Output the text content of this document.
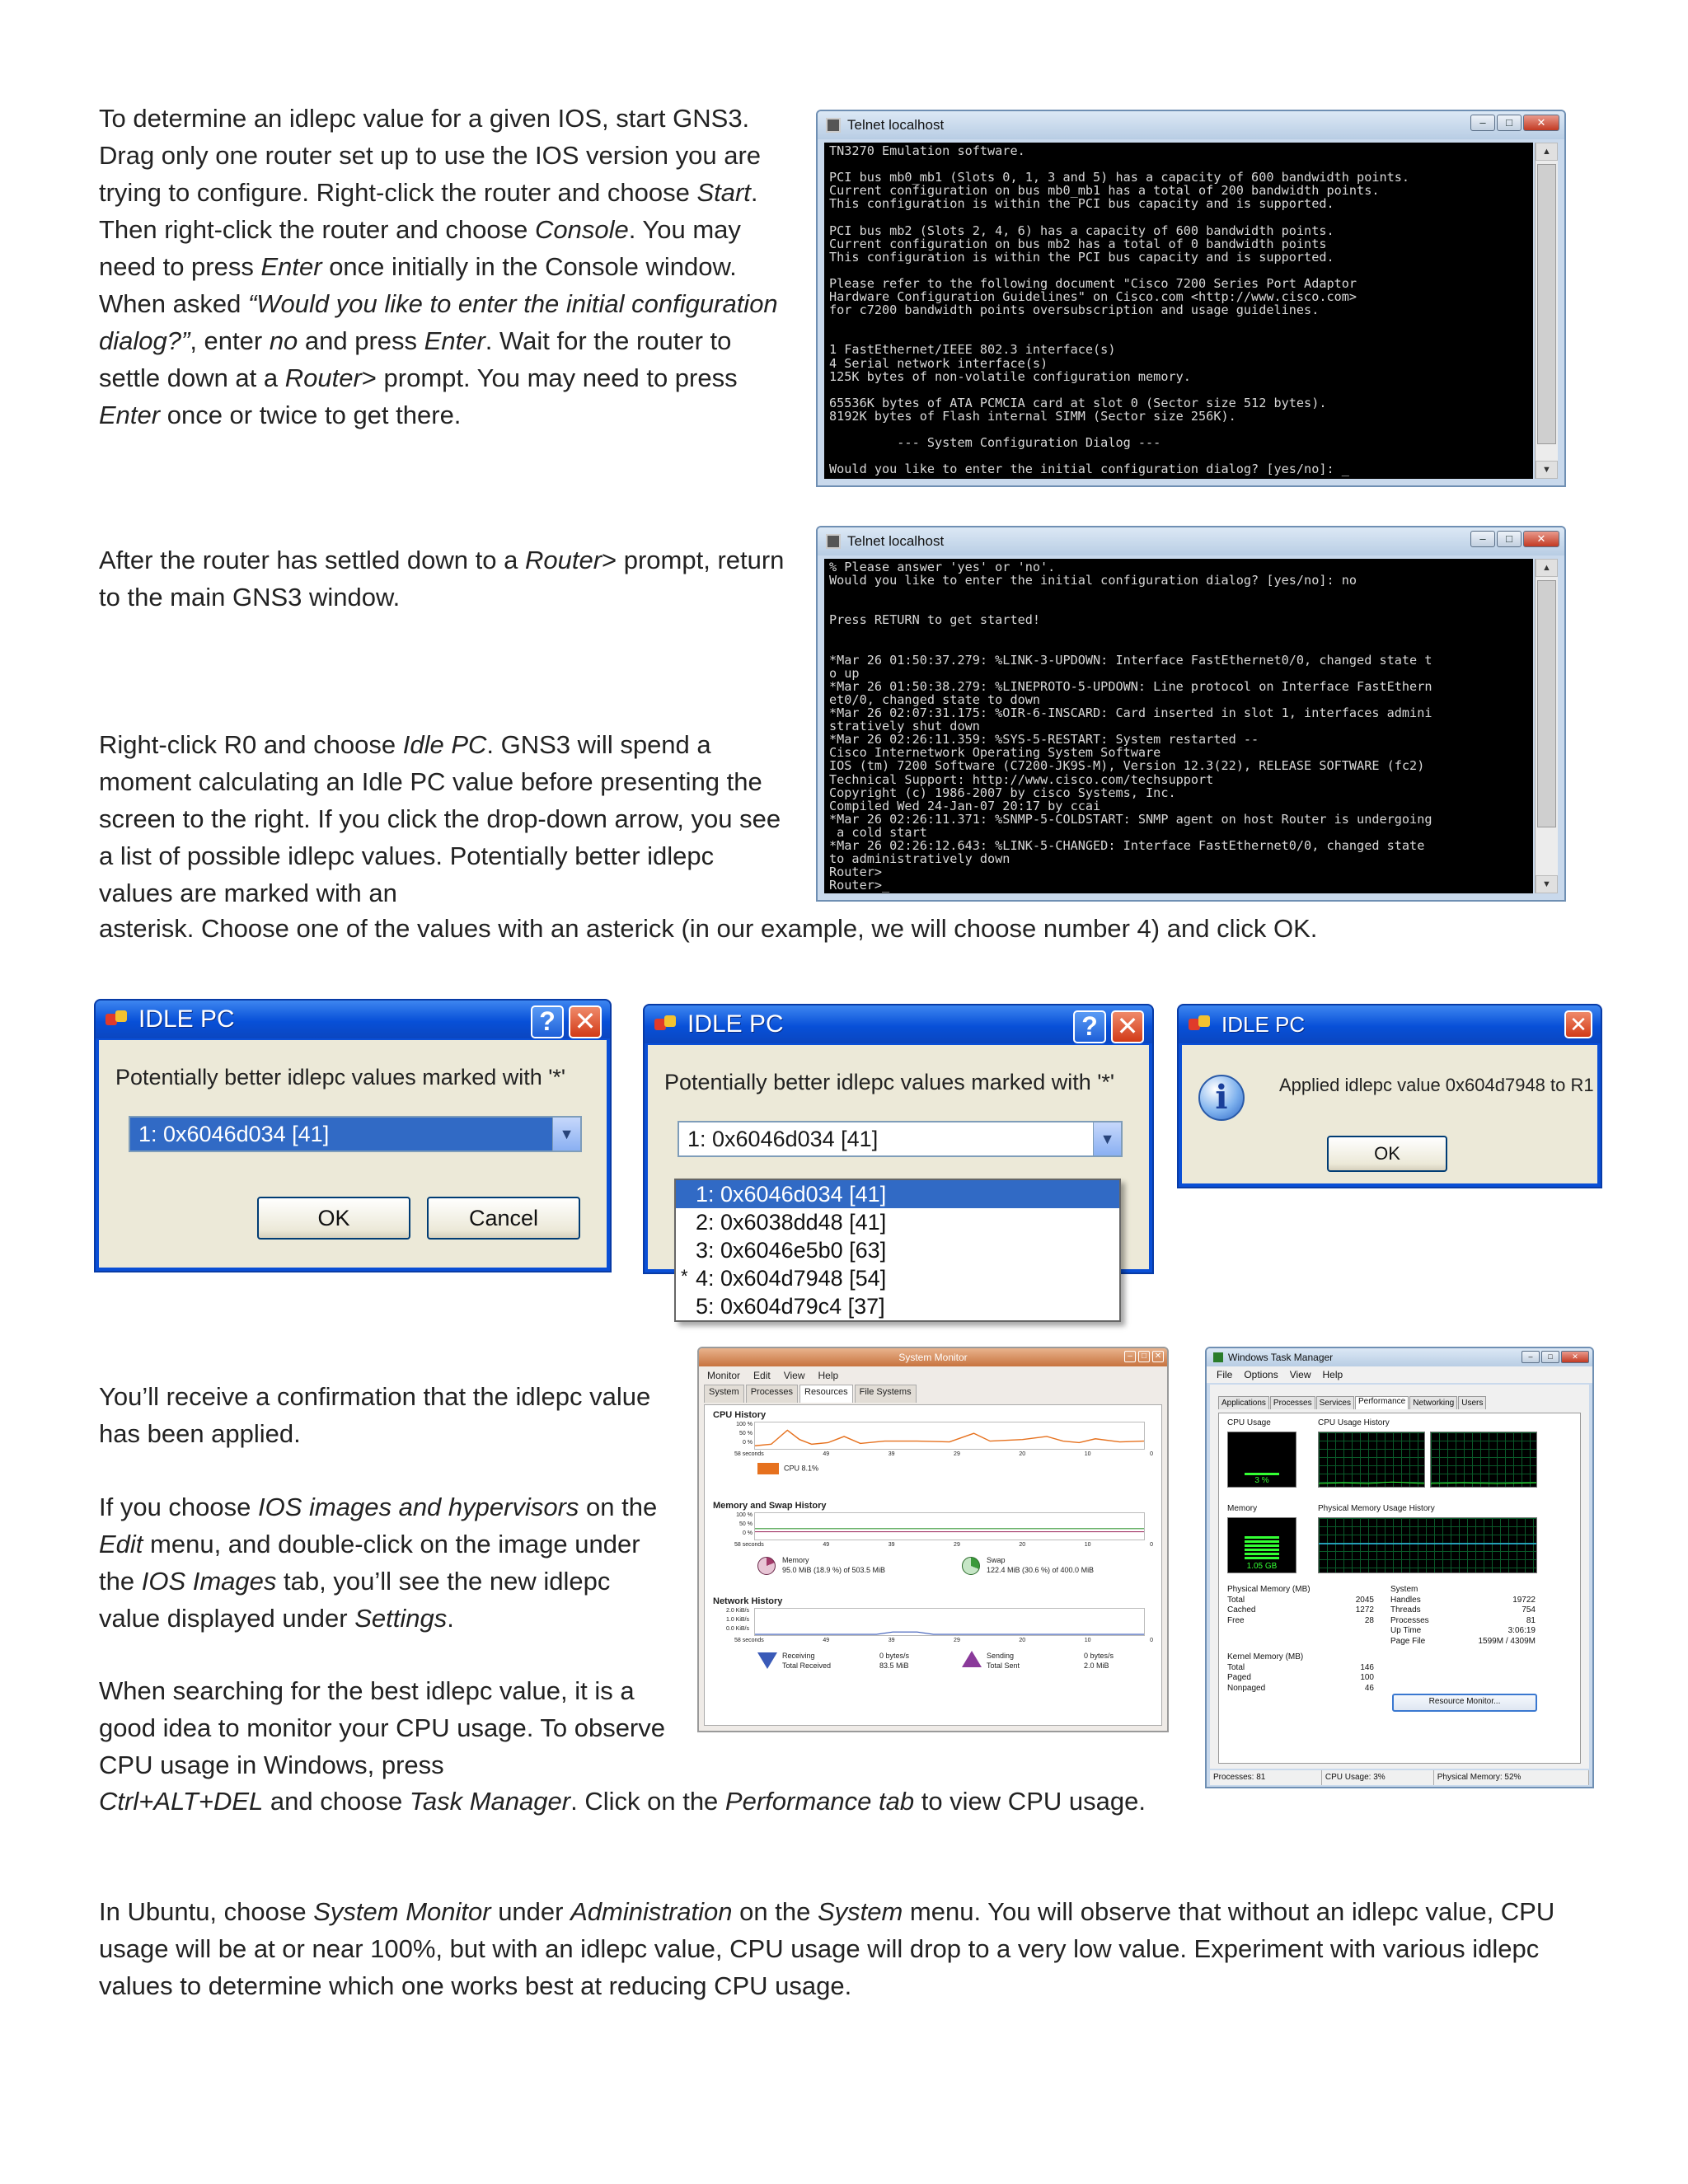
To determine an idlepc value for a given IOS, start GNS3. Drag only one router set up to use the IOS version you are trying to configure. Right-click the router and choose Start. Then right-click the router and choose Console. You may need to press Enter once initially in the Console window. When asked “Would you like to enter the initial configuration dialog?”, enter no and press Enter. Wait for the router to settle down at a Router> prompt. You may need to press Enter once or twice to get there.
After the router has settled down to a Router> prompt, return to the main GNS3 window.
Right-click R0 and choose Idle PC. GNS3 will spend a moment calculating an Idle PC value before presenting the screen to the right. If you click the drop-down arrow, you see a list of possible idlepc values. Potentially better idlepc values are marked with an
asterisk. Choose one of the values with an asterick (in our example, we will choose number 4) and click OK.
You’ll receive a confirmation that the idlepc value has been applied.
If you choose IOS images and hypervisors on the Edit menu, and double-click on the image under the IOS Images tab, you’ll see the new idlepc value displayed under Settings.
When searching for the best idlepc value, it is a good idea to monitor your CPU usage. To observe CPU usage in Windows, press
Ctrl+ALT+DEL and choose Task Manager. Click on the Performance tab to view CPU usage.
In Ubuntu, choose System Monitor under Administration on the System menu. You will observe that without an idlepc value, CPU usage will be at or near 100%, but with an idlepc value, CPU usage will drop to a very low value. Experiment with various idlepc values to determine which one works best at reducing CPU usage.
Telnet localhost	–	□	✕
TN3270 Emulation software.

PCI bus mb0_mb1 (Slots 0, 1, 3 and 5) has a capacity of 600 bandwidth points.
Current configuration on bus mb0_mb1 has a total of 200 bandwidth points.
This configuration is within the PCI bus capacity and is supported.

PCI bus mb2 (Slots 2, 4, 6) has a capacity of 600 bandwidth points.
Current configuration on bus mb2 has a total of 0 bandwidth points
This configuration is within the PCI bus capacity and is supported.

Please refer to the following document "Cisco 7200 Series Port Adaptor
Hardware Configuration Guidelines" on Cisco.com <http://www.cisco.com>
for c7200 bandwidth points oversubscription and usage guidelines.

1 FastEthernet/IEEE 802.3 interface(s)
4 Serial network interface(s)
125K bytes of non-volatile configuration memory.

65536K bytes of ATA PCMCIA card at slot 0 (Sector size 512 bytes).
8192K bytes of Flash internal SIMM (Sector size 256K).

--- System Configuration Dialog ---

Would you like to enter the initial configuration dialog? [yes/no]: _
▲
▼
Telnet localhost	–	□	✕
% Please answer 'yes' or 'no'.
Would you like to enter the initial configuration dialog? [yes/no]: no

Press RETURN to get started!

*Mar 26 01:50:37.279: %LINK-3-UPDOWN: Interface FastEthernet0/0, changed state t
o up
*Mar 26 01:50:38.279: %LINEPROTO-5-UPDOWN: Line protocol on Interface FastEthern
et0/0, changed state to down
*Mar 26 02:07:31.175: %OIR-6-INSCARD: Card inserted in slot 1, interfaces admini
stratively shut down
*Mar 26 02:26:11.359: %SYS-5-RESTART: System restarted --
Cisco Internetwork Operating System Software
IOS (tm) 7200 Software (C7200-JK9S-M), Version 12.3(22), RELEASE SOFTWARE (fc2)
Technical Support: http://www.cisco.com/techsupport
Copyright (c) 1986-2007 by cisco Systems, Inc.
Compiled Wed 24-Jan-07 20:17 by ccai
*Mar 26 02:26:11.371: %SNMP-5-COLDSTART: SNMP agent on host Router is undergoing
a cold start
*Mar 26 02:26:12.643: %LINK-5-CHANGED: Interface FastEthernet0/0, changed state
to administratively down
Router>
Router>_
▲
▼
IDLE PC	? ✕
Potentially better idlepc values marked with '*'
1: 0x6046d034 [41]	▼
OK	Cancel
IDLE PC	? ✕
Potentially better idlepc values marked with '*'
1: 0x6046d034 [41]	▼
1: 0x6046d034 [41]
2: 0x6038dd48 [41]
3: 0x6046e5b0 [63]
* 4: 0x604d7948 [54]
5: 0x604d79c4 [37]
IDLE PC	✕
i	Applied idlepc value 0x604d7948 to R1
OK
System Monitor	–	□ ✕
Monitor Edit View Help
System	Processes	Resources	File Systems
CPU History
100 %
50 %
0 %
58 seconds	49	39	29	20	10	0
CPU 8.1%
Memory and Swap History
100 %
50 %
0 %
58 seconds	49	39	29	20	10	0
Memory
95.0 MiB (18.9 %) of 503.5 MiB
Swap
122.4 MiB (30.6 %) of 400.0 MiB
Network History
2.0 KiB/s
1.0 KiB/s
0.0 KiB/s
58 seconds	49	39	29	20	10	0
Receiving
Total Received
0 bytes/s
83.5 MiB
Sending
Total Sent
0 bytes/s
2.0 MiB
Windows Task Manager	–	□	✕
File Options View Help
Applications Processes Services Performance Networking Users
CPU Usage	CPU Usage History
3 %
Memory	Physical Memory Usage History
1.05 GB
Physical Memory (MB)
Total	2045
Cached	1272
Free	28
Kernel Memory (MB)
Total	146
Paged	100
Nonpaged	46
System
Handles	19722
Threads	754
Processes	81
Up Time	3:06:19
Page File	1599M / 4309M
Resource Monitor...
Processes: 81	CPU Usage: 3%	Physical Memory: 52%
